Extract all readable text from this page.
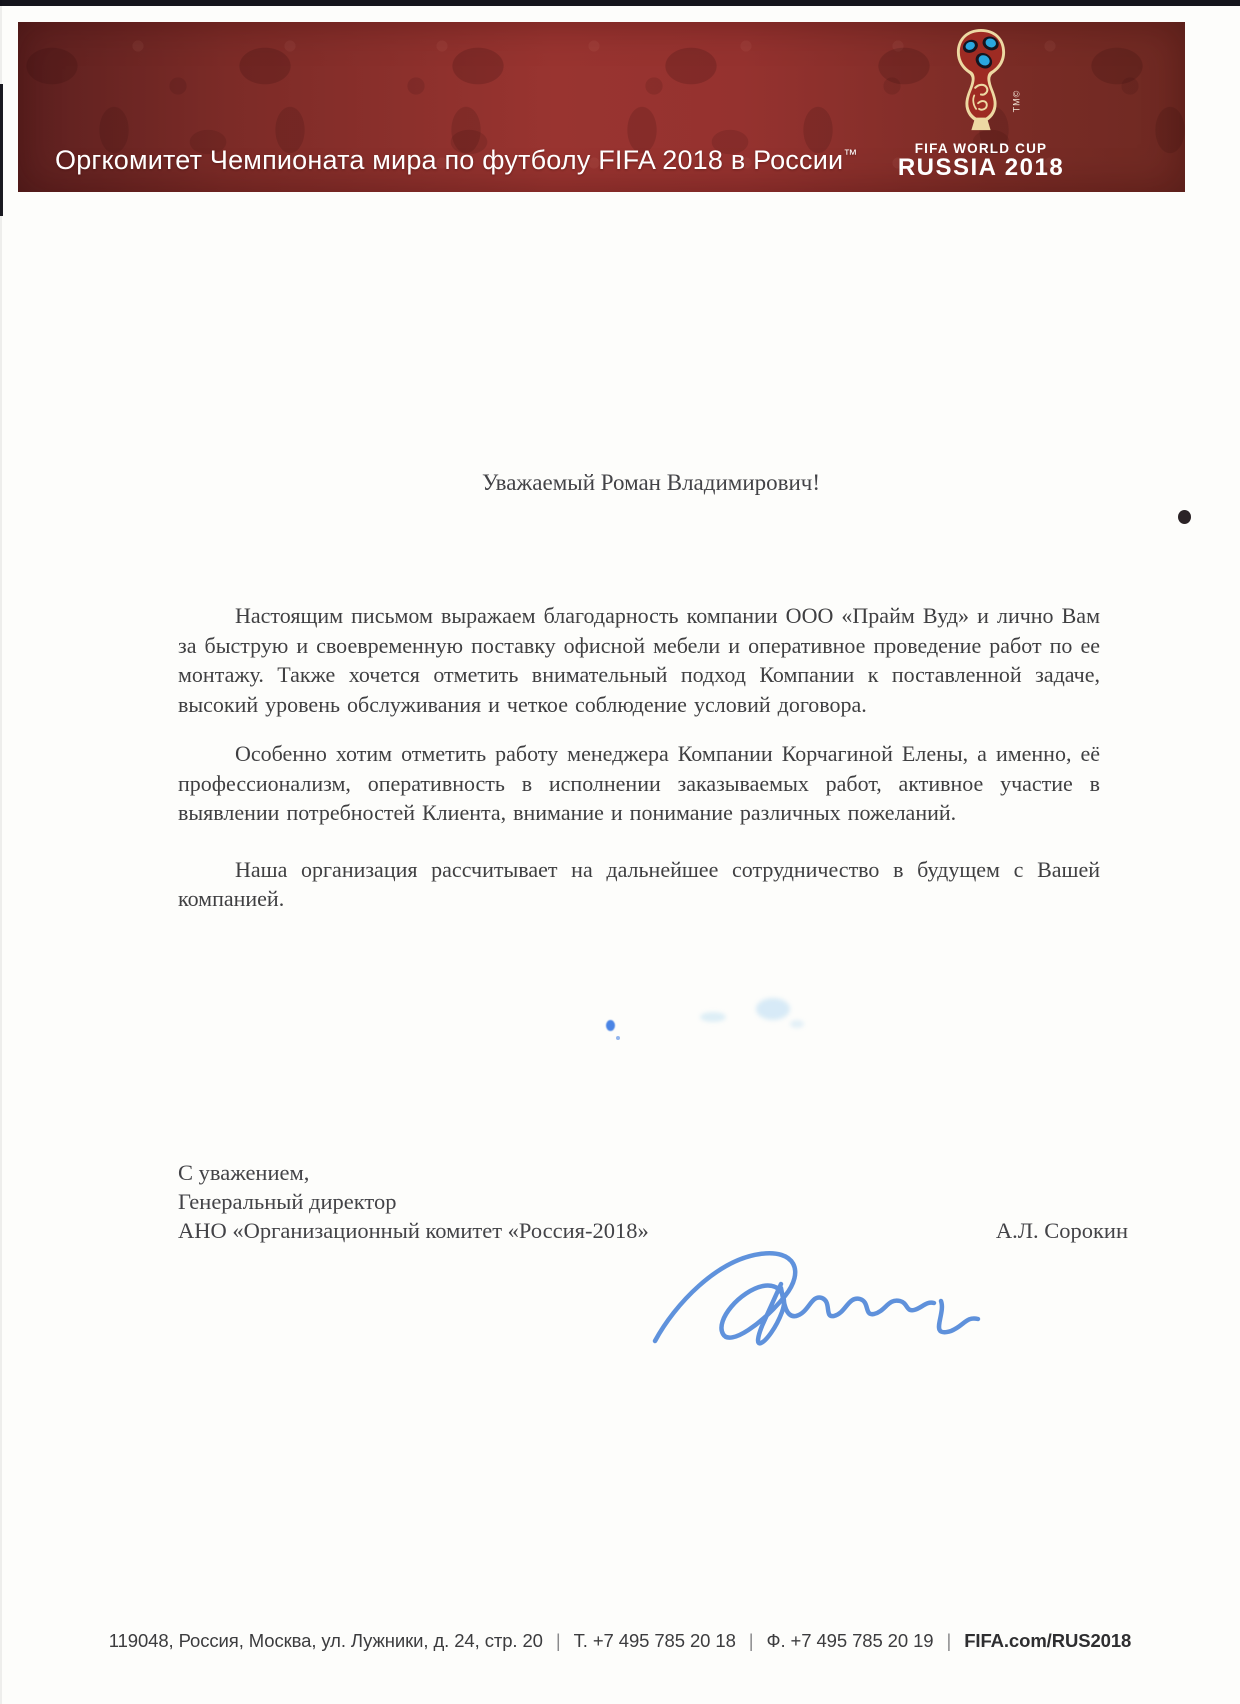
Оргкомитет Чемпионата мира по футболу FIFA 2018 в России™
TM©
FIFA WORLD CUP
RUSSIA 2018

Уважаемый Роман Владимирович!

Настоящим письмом выражаем благодарность компании ООО «Прайм Вуд» и лично Вам за быструю и своевременную поставку офисной мебели и оперативное проведение работ по ее монтажу. Также хочется отметить внимательный подход Компании к поставленной задаче, высокий уровень обслуживания и четкое соблюдение условий договора.

Особенно хотим отметить работу менеджера Компании Корчагиной Елены, а именно, её профессионализм, оперативность в исполнении заказываемых работ, активное участие в выявлении потребностей Клиента, внимание и понимание различных пожеланий.

Наша организация рассчитывает на дальнейшее сотрудничество в будущем с Вашей компанией.

С уважением,
Генеральный директор
АНО «Организационный комитет «Россия-2018»	А.Л. Сорокин
119048, Россия, Москва, ул. Лужники, д. 24, стр. 20 | Т. +7 495 785 20 18 | Ф. +7 495 785 20 19 | FIFA.com/RUS2018
